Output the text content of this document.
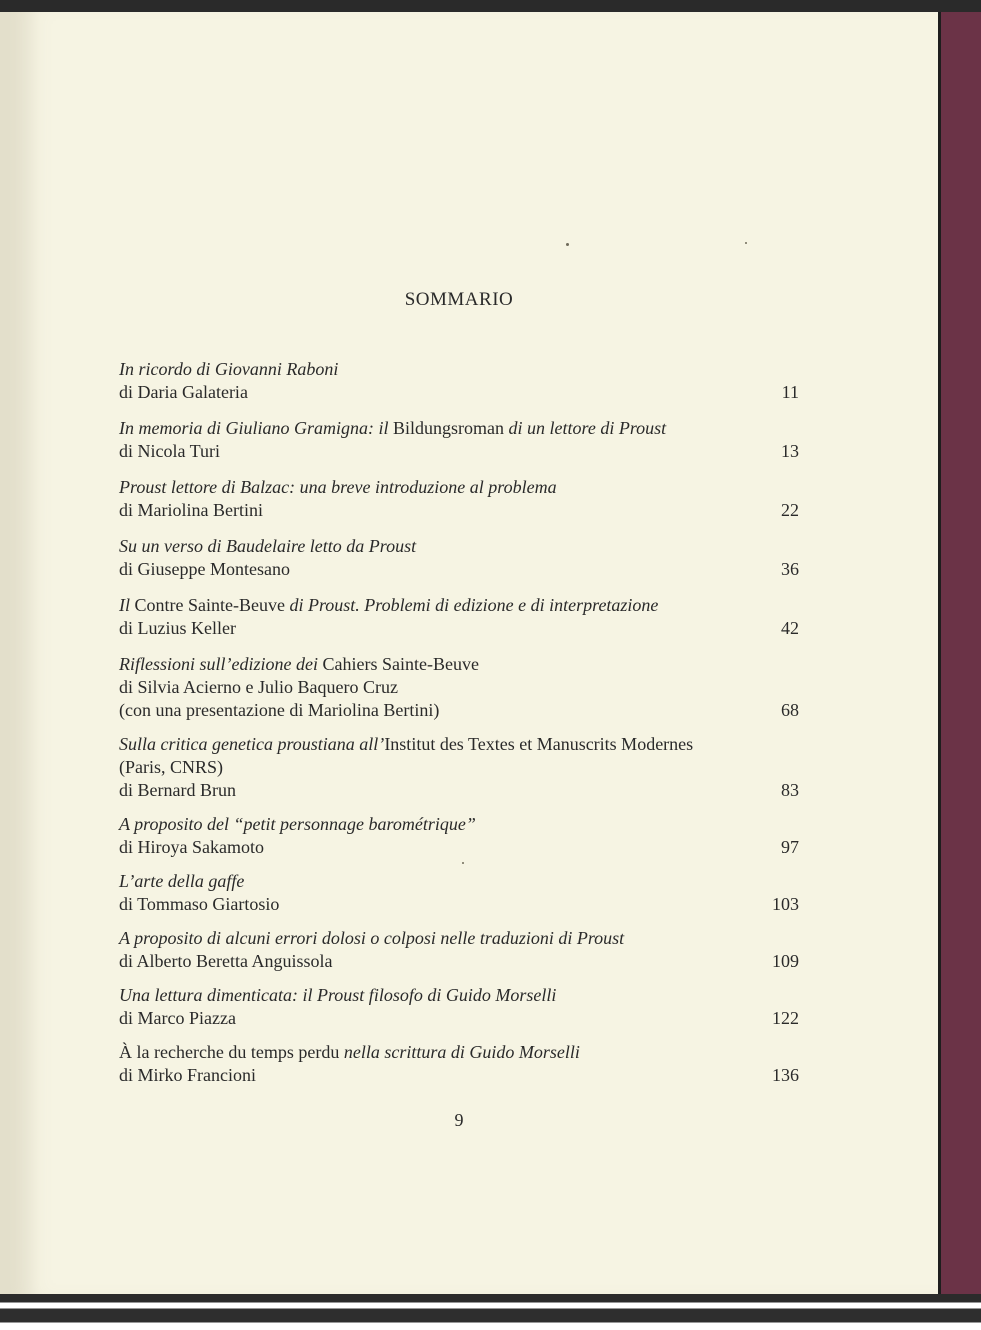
SOMMARIO
In ricordo di Giovanni Raboni
di Daria Galateria	11
In memoria di Giuliano Gramigna: il Bildungsroman di un lettore di Proust
di Nicola Turi	13
Proust lettore di Balzac: una breve introduzione al problema
di Mariolina Bertini	22
Su un verso di Baudelaire letto da Proust
di Giuseppe Montesano	36
Il Contre Sainte-Beuve di Proust. Problemi di edizione e di interpretazione
di Luzius Keller	42
Riflessioni sull’edizione dei Cahiers Sainte-Beuve
di Silvia Acierno e Julio Baquero Cruz
(con una presentazione di Mariolina Bertini)	68
Sulla critica genetica proustiana all’Institut des Textes et Manuscrits Modernes
(Paris, CNRS)
di Bernard Brun	83
A proposito del “petit personnage barométrique”
di Hiroya Sakamoto	97
L’arte della gaffe
di Tommaso Giartosio	103
A proposito di alcuni errori dolosi o colposi nelle traduzioni di Proust
di Alberto Beretta Anguissola	109
Una lettura dimenticata: il Proust filosofo di Guido Morselli
di Marco Piazza	122
À la recherche du temps perdu nella scrittura di Guido Morselli
di Mirko Francioni	136
9
